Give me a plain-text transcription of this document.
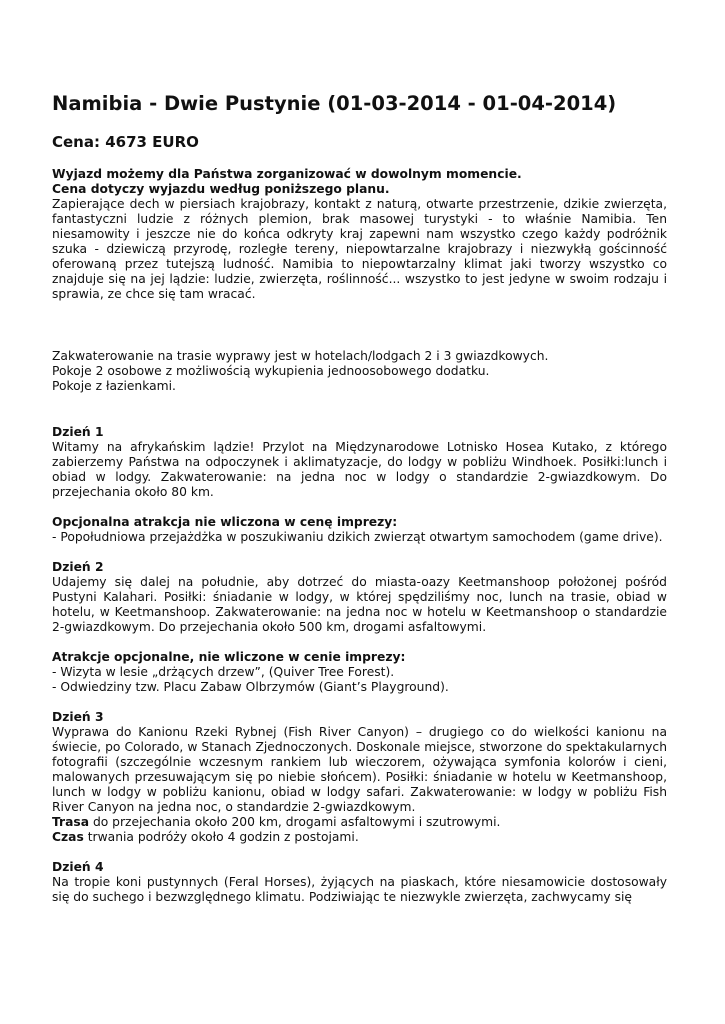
Namibia - Dwie Pustynie (01-03-2014 - 01-04-2014)
Cena: 4673 EURO
Wyjazd możemy dla Państwa zorganizować w dowolnym momencie.
Cena dotyczy wyjazdu według poniższego planu.

Zapierające dech w piersiach krajobrazy, kontakt z naturą, otwarte przestrzenie, dzikie zwierzęta, fantastyczni ludzie z różnych plemion, brak masowej turystyki - to właśnie Namibia. Ten niesamowity i jeszcze nie do końca odkryty kraj zapewni nam wszystko czego każdy podróżnik szuka - dziewiczą przyrodę, rozległe tereny, niepowtarzalne krajobrazy i niezwykłą gościnność oferowaną przez tutejszą ludność. Namibia to niepowtarzalny klimat jaki tworzy wszystko co znajduje się na jej lądzie: ludzie, zwierzęta, roślinność... wszystko to jest jedyne w swoim rodzaju i sprawia, ze chce się tam wracać.

Zakwaterowanie na trasie wyprawy jest w hotelach/lodgach 2 i 3 gwiazdkowych.
Pokoje 2 osobowe z możliwością wykupienia jednoosobowego dodatku.
Pokoje z łazienkami.
Dzień 1

Witamy na afrykańskim lądzie! Przylot na Międzynarodowe Lotnisko Hosea Kutako, z którego zabierzemy Państwa na odpoczynek i aklimatyzacje, do lodgy w pobliżu Windhoek. Posiłki:lunch i obiad w lodgy. Zakwaterowanie: na jedna noc w lodgy o standardzie 2-gwiazdkowym. Do przejechania około 80 km.

Opcjonalna atrakcja nie wliczona w cenę imprezy:
- Popołudniowa przejażdżka w poszukiwaniu dzikich zwierząt otwartym samochodem (game drive).
Dzień 2

Udajemy się dalej na południe, aby dotrzeć do miasta-oazy Keetmanshoop położonej pośród Pustyni Kalahari. Posiłki: śniadanie w lodgy, w której spędziliśmy noc, lunch na trasie, obiad w hotelu, w Keetmanshoop. Zakwaterowanie: na jedna noc w hotelu w Keetmanshoop o standardzie 2-gwiazdkowym. Do przejechania około 500 km, drogami asfaltowymi.

Atrakcje opcjonalne, nie wliczone w cenie imprezy:
- Wizyta w lesie „drżących drzew”, (Quiver Tree Forest).
- Odwiedziny tzw. Placu Zabaw Olbrzymów (Giant’s Playground).
Dzień 3

Wyprawa do Kanionu Rzeki Rybnej (Fish River Canyon) – drugiego co do wielkości kanionu na świecie, po Colorado, w Stanach Zjednoczonych. Doskonale miejsce, stworzone do spektakularnych fotografii (szczególnie wczesnym rankiem lub wieczorem, ożywająca symfonia kolorów i cieni, malowanych przesuwającym się po niebie słońcem). Posiłki: śniadanie w hotelu w Keetmanshoop, lunch w lodgy w pobliżu kanionu, obiad w lodgy safari. Zakwaterowanie: w lodgy w pobliżu Fish River Canyon na jedna noc, o standardzie 2-gwiazdkowym.

Trasa do przejechania około 200 km, drogami asfaltowymi i szutrowymi.
Czas trwania podróży około 4 godzin z postojami.
Dzień 4

Na tropie koni pustynnych (Feral Horses), żyjących na piaskach, które niesamowicie dostosowały się do suchego i bezwzględnego klimatu. Podziwiając te niezwykle zwierzęta, zachwycamy się
